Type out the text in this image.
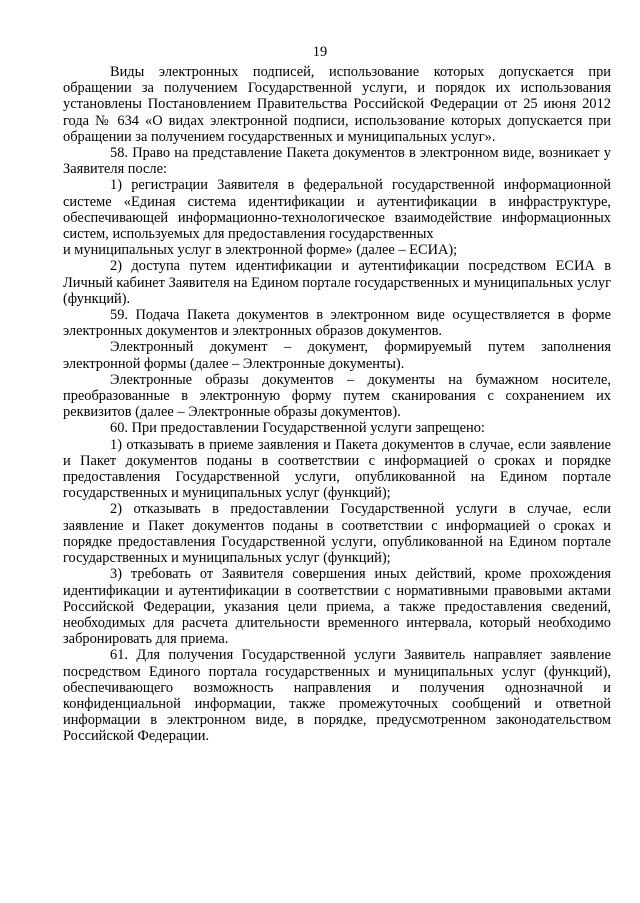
19

Виды электронных подписей, использование которых допускается при обращении за получением Государственной услуги, и порядок их использования установлены Постановлением Правительства Российской Федерации от 25 июня 2012 года № 634 «О видах электронной подписи, использование которых допускается при обращении за получением государственных и муниципальных услуг».

58. Право на представление Пакета документов в электронном виде, возникает у Заявителя после:

1) регистрации Заявителя в федеральной государственной информационной системе «Единая система идентификации и аутентификации в инфраструктуре, обеспечивающей информационно-технологическое взаимодействие информационных систем, используемых для предоставления государственных

и муниципальных услуг в электронной форме» (далее – ЕСИА);

2) доступа путем идентификации и аутентификации посредством ЕСИА в Личный кабинет Заявителя на Едином портале государственных и муниципальных услуг (функций).

59. Подача Пакета документов в электронном виде осуществляется в форме электронных документов и электронных образов документов.

Электронный документ – документ, формируемый путем заполнения электронной формы (далее – Электронные документы).

Электронные образы документов – документы на бумажном носителе, преобразованные в электронную форму путем сканирования с сохранением их реквизитов (далее – Электронные образы документов).

60. При предоставлении Государственной услуги запрещено:

1) отказывать в приеме заявления и Пакета документов в случае, если заявление и Пакет документов поданы в соответствии с информацией о сроках и порядке предоставления Государственной услуги, опубликованной на Едином портале государственных и муниципальных услуг (функций);

2) отказывать в предоставлении Государственной услуги в случае, если заявление и Пакет документов поданы в соответствии с информацией о сроках и порядке предоставления Государственной услуги, опубликованной на Едином портале государственных и муниципальных услуг (функций);

3) требовать от Заявителя совершения иных действий, кроме прохождения идентификации и аутентификации в соответствии с нормативными правовыми актами Российской Федерации, указания цели приема, а также предоставления сведений, необходимых для расчета длительности временного интервала, который необходимо забронировать для приема.

61. Для получения Государственной услуги Заявитель направляет заявление посредством Единого портала государственных и муниципальных услуг (функций), обеспечивающего возможность направления и получения однозначной и конфиденциальной информации, также промежуточных сообщений и ответной информации в электронном виде, в порядке, предусмотренном законодательством Российской Федерации.
